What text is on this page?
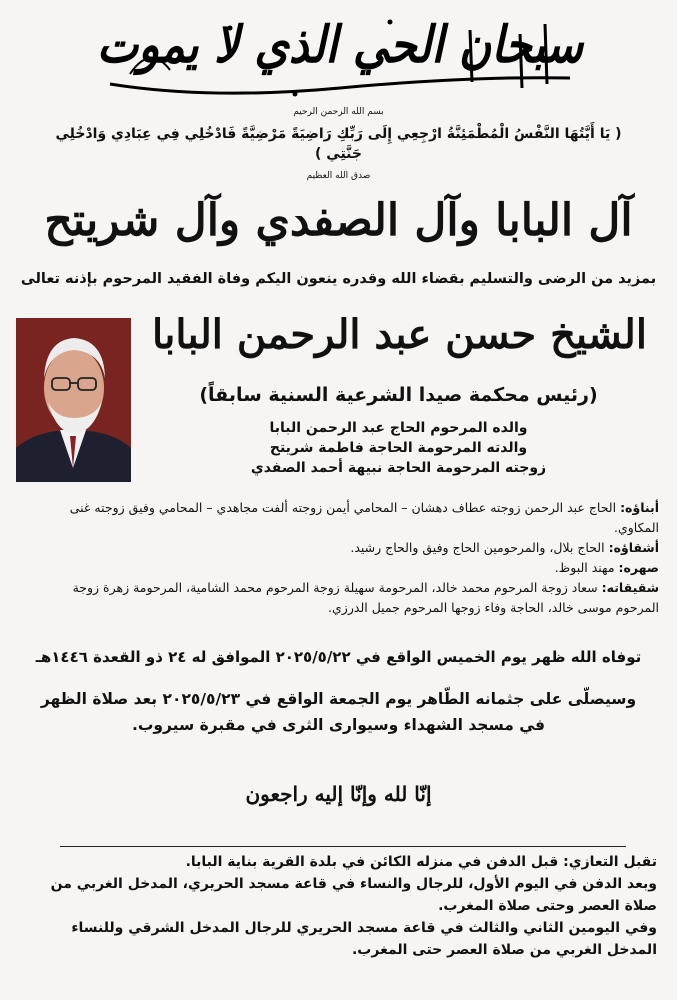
سبحان الحي الذي لا يموت
بسم الله الرحمن الرحيم
( يَا أَيَّتُهَا النَّفْسُ الْمُطْمَئِنَّةُ ارْجِعِي إِلَى رَبِّكِ رَاضِيَةً مَرْضِيَّةً فَادْخُلِي فِي عِبَادِي وَادْخُلِي جَنَّتِي )
صدق الله العظيم
آل البابا وآل الصفدي وآل شريتح
بمزيد من الرضى والتسليم بقضاء الله وقدره ينعون اليكم وفاة الفقيد المرحوم بإذنه تعالى
الشيخ حسن عبد الرحمن البابا
(رئيس محكمة صيدا الشرعية السنية سابقاً)
والده المرحوم الحاج عبد الرحمن البابا
والدته المرحومة الحاجة فاطمة شريتح
زوجته المرحومة الحاجة نبيهة أحمد الصفدي

أبناؤه: الحاج عبد الرحمن زوجته عطاف دهشان – المحامي أيمن زوجته ألفت مجاهدي – المحامي وفيق زوجته غنى المكاوي.

أشقاؤه: الحاج بلال، والمرحومين الحاج وفيق والحاج رشيد.

صهره: مهند البوظ.

شقيقاته: سعاد زوجة المرحوم محمد خالد، المرحومة سهيلة زوجة المرحوم محمد الشامية، المرحومة زهرة زوجة المرحوم موسى خالد، الحاجة وفاء زوجها المرحوم جميل الدرزي.

توفاه الله ظهر يوم الخميس الواقع في ٢٠٢٥/٥/٢٢ الموافق له ٢٤ ذو القعدة ١٤٤٦هـ
وسيصلّى على جثمانه الطّاهر يوم الجمعة الواقع في ٢٠٢٥/٥/٢٣ بعد صلاة الظهر
في مسجد الشهداء وسيوارى الثرى في مقبرة سيروب.
إنّا لله وإنّا إليه راجعون

تقبل التعازي: قبل الدفن في منزله الكائن في بلدة القرية بناية البابا.

وبعد الدفن في اليوم الأول، للرجال والنساء في قاعة مسجد الحريري، المدخل الغربي من صلاة العصر وحتى صلاة المغرب.

وفي اليومين الثاني والثالث في قاعة مسجد الحريري للرجال المدخل الشرقي وللنساء المدخل الغربي من صلاة العصر حتى المغرب.
